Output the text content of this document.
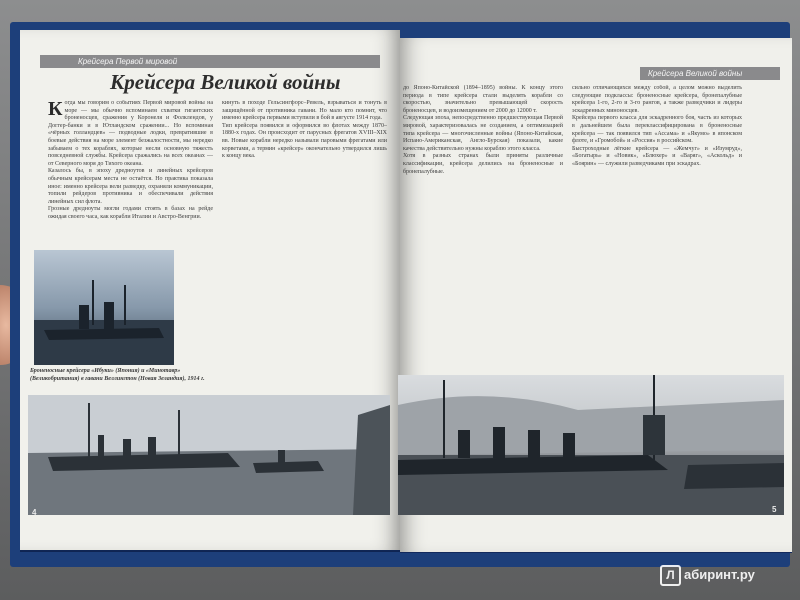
Крейсера Первой мировой
Крейсера Великой войны
Крейсера Великой войны

Когда мы говорим о событиях Первой мировой войны на море — мы обычно вспоминаем схватки гигантских броненосцев, сражения у Коронеля и Фолклендов, у Доггер-банки и в Ютландском сражении... Но вспоминая «чёрных голландцев» — подводные лодки, превратившие в боевые действия на море элемент безжалостности, мы нередко забываем о тех кораблях, которые несли основную тяжесть повседневной службы. Крейсера сражались на всех океанах — от Северного моря до Тихого океана.

Казалось бы, в эпоху дредноутов и линейных крейсеров обычным крейсерам места не остаётся. Но практика показала иное: именно крейсера вели разведку, охраняли коммуникации, топили рейдеров противника и обеспечивали действия линейных сил флота.

Грозные дредноуты могли годами стоять в базах на рейде ожидая своего часа, как корабли Италии и Австро-Венгрии.

кинуть в походе Гельсингфорс–Ревель, взрываться и тонуть в защищённой от противника гавани. Но мало кто помнит, что именно крейсера первыми вступили в бой в августе 1914 года.

Тип крейсера появился и оформился во флотах между 1870–1880-х годах. Он происходит от парусных фрегатов XVIII–XIX вв. Новые корабли нередко называли паровыми фрегатами или корветами, а термин «крейсер» окончательно утвердился лишь к концу века.

Броненосные крейсера «Ибуки» (Япония) и «Минотавр» (Великобритания) в гавани Веллингтон (Новая Зеландия), 1914 г.

до Японо-Китайской (1894–1895) войны. К концу этого периода в типе крейсера стали выделять корабли со скоростью, значительно превышающей скорость броненосцев, и водоизмещением от 2000 до 12000 т.

Следующая эпоха, непосредственно предшествующая Первой мировой, характеризовалась не созданием, а оптимизацией типа крейсера — многочисленные войны (Японо-Китайская, Испано-Американская, Англо-Бурская) показали, какие качества действительно нужны кораблю этого класса.

Хотя в разных странах были приняты различные классификации, крейсера делились на броненосные и бронепалубные.

сильно отличающихся между собой, а целом можно выделить следующие подклассы: броненосные крейсера, бронепалубные крейсера 1-го, 2-го и 3-го рангов, а также разведчики и лидеры эскадренных миноносцев.

Крейсера первого класса для эскадренного боя, часть из которых в дальнейшем была переклассифицирована в броненосные крейсера — так появился тип «Ассама» и «Якумо» в японском флоте, и «Громобой» и «Россия» в российском.

Быстроходные лёгкие крейсера — «Жемчуг» и «Изумруд», «Богатырь» и «Новик», «Блюхер» и «Варяг», «Аскольд» и «Боярин» — служили разведчиками при эскадрах.

4	5
Л абиринт.ру
